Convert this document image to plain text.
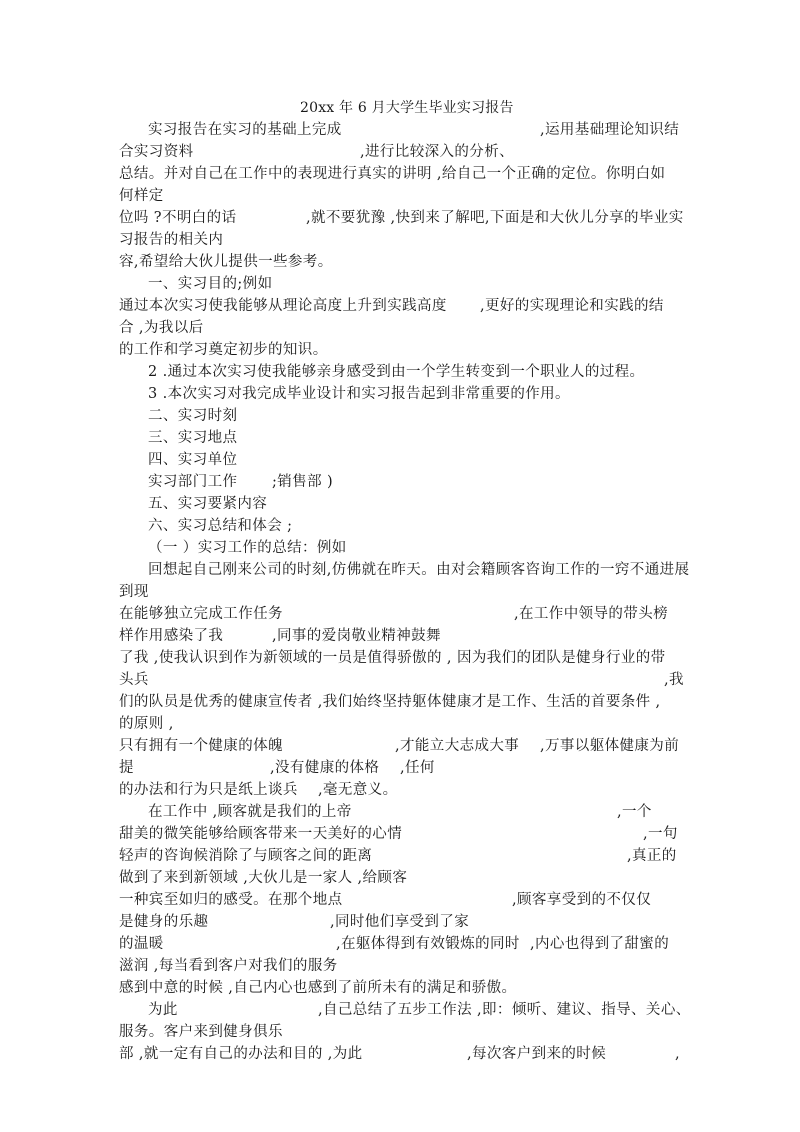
20xx 年 6 月大学生毕业实习报告
实习报告在实习的基础上完成	,运用基础理论知识结
合实习资料	,进行比较深入的分析、
总结。并对自己在工作中的表现进行真实的讲明 ,给自己一个正确的定位。你明白如
何样定
位吗 ?不明白的话	,就不要犹豫 ,快到来了解吧,下面是和大伙儿分享的毕业实
习报告的相关内
容,希望给大伙儿提供一些参考。
一、实习目的;例如
通过本次实习使我能够从理论高度上升到实践高度 ,更好的实现理论和实践的结
合 ,为我以后
的工作和学习奠定初步的知识。
2 .通过本次实习使我能够亲身感受到由一个学生转变到一个职业人的过程。
3 .本次实习对我完成毕业设计和实习报告起到非常重要的作用。
二、实习时刻
三、实习地点
四、实习单位
实习部门工作 ;销售部 )
五、实习要紧内容
六、实习总结和体会 ;
（一 ）实习工作的总结：例如
回想起自己刚来公司的时刻,仿佛就在昨天。由对会籍顾客咨询工作的一窍不通进展
到现
在能够独立完成工作任务	,在工作中领导的带头榜
样作用感染了我	,同事的爱岗敬业精神鼓舞
了我 ,使我认识到作为新领域的一员是值得骄傲的 , 因为我们的团队是健身行业的带
头兵	,我
们的队员是优秀的健康宣传者 ,我们始终坚持躯体健康才是工作、生活的首要条件 ,
的原则 ,
只有拥有一个健康的体魄	,才能立大志成大事 ,万事以躯体健康为前
提	,没有健康的体格 ,任何
的办法和行为只是纸上谈兵 ,毫无意义。
在工作中 ,顾客就是我们的上帝	,一个
甜美的微笑能够给顾客带来一天美好的心情	,一句
轻声的咨询候消除了与顾客之间的距离	,真正的
做到了来到新领域 ,大伙儿是一家人 ,给顾客
一种宾至如归的感受。在那个地点	,顾客享受到的不仅仅
是健身的乐趣	,同时他们享受到了家
的温暖	,在躯体得到有效锻炼的同时 ,内心也得到了甜蜜的
滋润 ,每当看到客户对我们的服务
感到中意的时候 ,自己内心也感到了前所未有的满足和骄傲。
为此	,自己总结了五步工作法 ,即：倾听、建议、指导、关心、
服务。客户来到健身俱乐
部 ,就一定有自己的办法和目的 ,为此	,每次客户到来的时候	,
